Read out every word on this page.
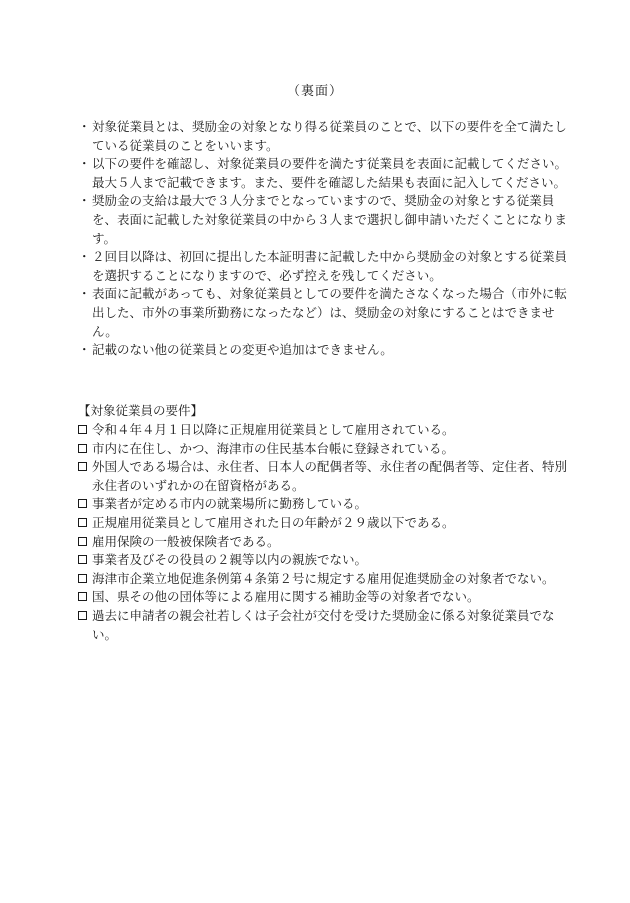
（裏面）
・ 対象従業員とは、奨励金の対象となり得る従業員のことで、以下の要件を全て満たしている従業員のことをいいます。
・ 以下の要件を確認し、対象従業員の要件を満たす従業員を表面に記載してください。最大５人まで記載できます。また、要件を確認した結果も表面に記入してください。
・ 奨励金の支給は最大で３人分までとなっていますので、奨励金の対象とする従業員を、表面に記載した対象従業員の中から３人まで選択し御申請いただくことになります。
・ ２回目以降は、初回に提出した本証明書に記載した中から奨励金の対象とする従業員を選択することになりますので、必ず控えを残してください。
・ 表面に記載があっても、対象従業員としての要件を満たさなくなった場合（市外に転出した、市外の事業所勤務になったなど）は、奨励金の対象にすることはできません。
・ 記載のない他の従業員との変更や追加はできません。
【対象従業員の要件】
令和４年４月１日以降に正規雇用従業員として雇用されている。
市内に在住し、かつ、海津市の住民基本台帳に登録されている。
外国人である場合は、永住者、日本人の配偶者等、永住者の配偶者等、定住者、特別永住者のいずれかの在留資格がある。
事業者が定める市内の就業場所に勤務している。
正規雇用従業員として雇用された日の年齢が２９歳以下である。
雇用保険の一般被保険者である。
事業者及びその役員の２親等以内の親族でない。
海津市企業立地促進条例第４条第２号に規定する雇用促進奨励金の対象者でない。
国、県その他の団体等による雇用に関する補助金等の対象者でない。
過去に申請者の親会社若しくは子会社が交付を受けた奨励金に係る対象従業員でない。
